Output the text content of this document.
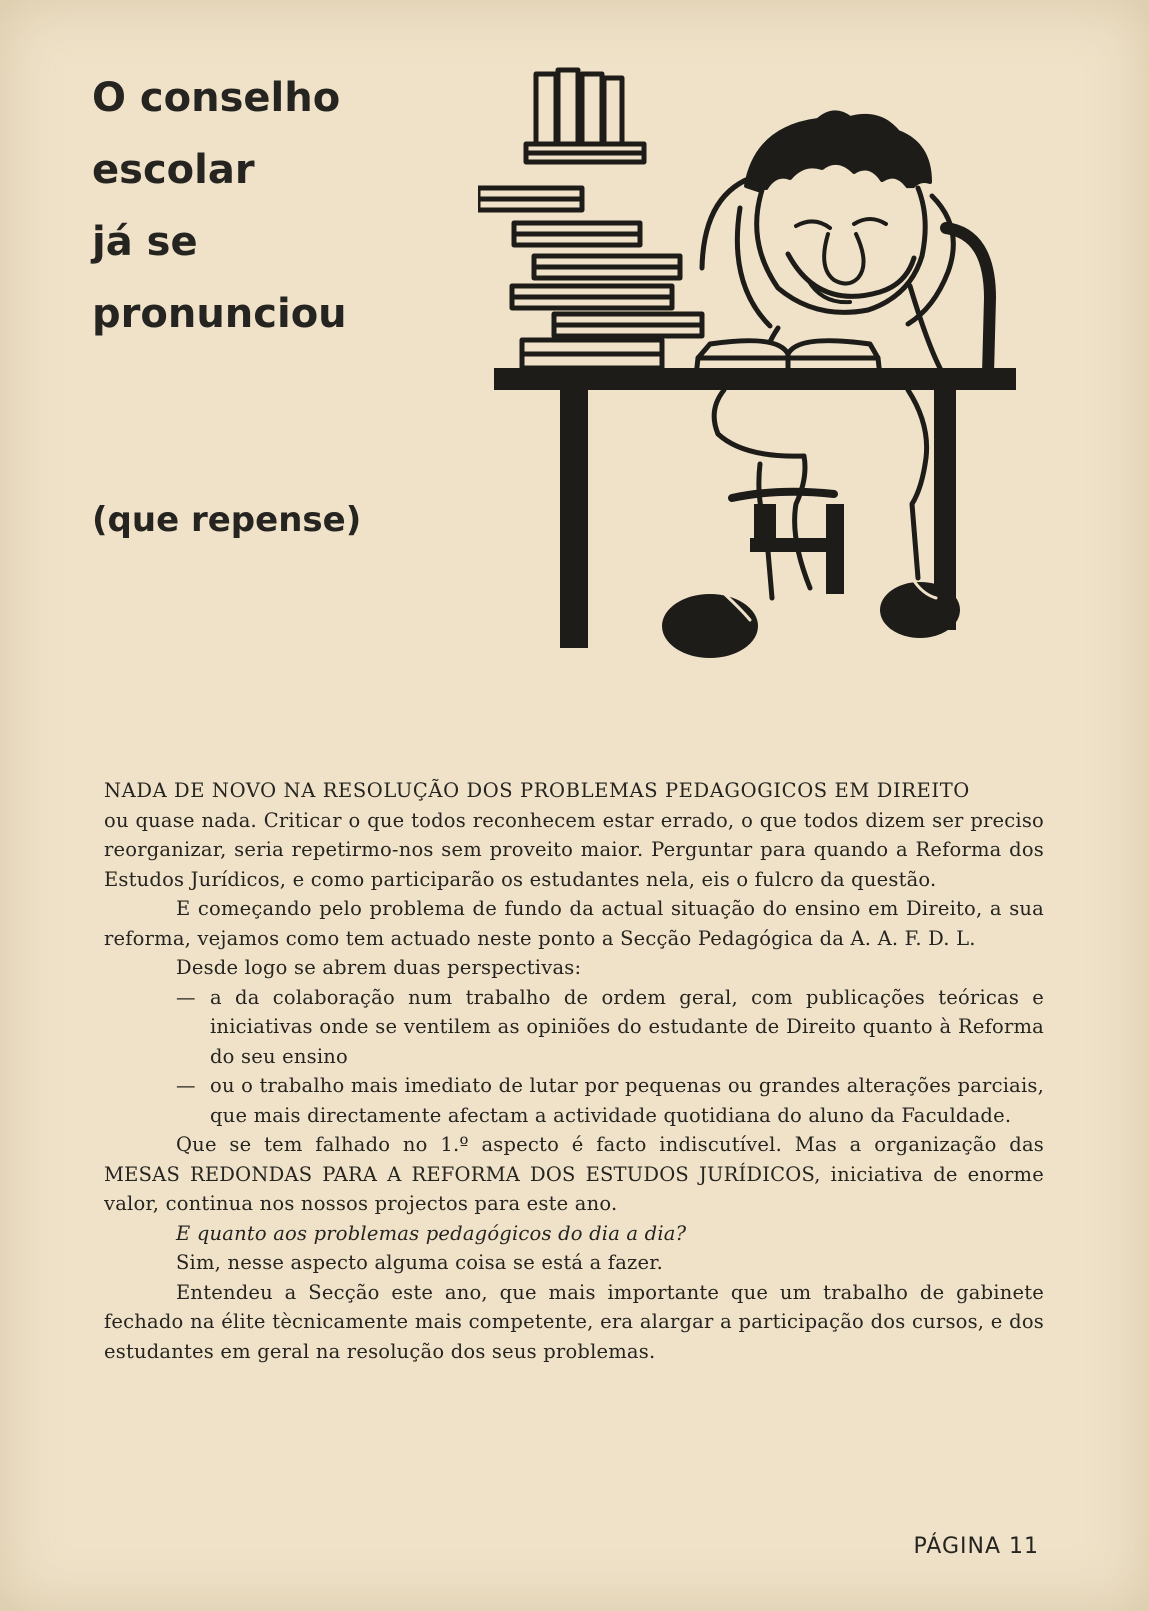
O conselho
escolar
já se
pronunciou
(que repense)

NADA DE NOVO NA RESOLUÇÃO DOS PROBLEMAS PEDAGOGICOS EM DIREITO

ou quase nada. Criticar o que todos reconhecem estar errado, o que todos dizem ser preciso reorganizar, seria repetirmo-nos sem proveito maior. Perguntar para quando a Reforma dos Estudos Jurídicos, e como participarão os estudantes nela, eis o fulcro da questão.

E começando pelo problema de fundo da actual situação do ensino em Direito, a sua reforma, vejamos como tem actuado neste ponto a Secção Pedagógica da A. A. F. D. L.

Desde logo se abrem duas perspectivas:

— a da colaboração num trabalho de ordem geral, com publicações teóricas e iniciativas onde se ventilem as opiniões do estudante de Direito quanto à Reforma do seu ensino
— ou o trabalho mais imediato de lutar por pequenas ou grandes alterações parciais, que mais directamente afectam a actividade quotidiana do aluno da Faculdade.

Que se tem falhado no 1.º aspecto é facto indiscutível. Mas a organização das MESAS REDONDAS PARA A REFORMA DOS ESTUDOS JURÍDICOS, iniciativa de enorme valor, continua nos nossos projectos para este ano.

E quanto aos problemas pedagógicos do dia a dia?

Sim, nesse aspecto alguma coisa se está a fazer.

Entendeu a Secção este ano, que mais importante que um trabalho de gabinete fechado na élite tècnicamente mais competente, era alargar a participação dos cursos, e dos estudantes em geral na resolução dos seus problemas.

PÁGINA 11
